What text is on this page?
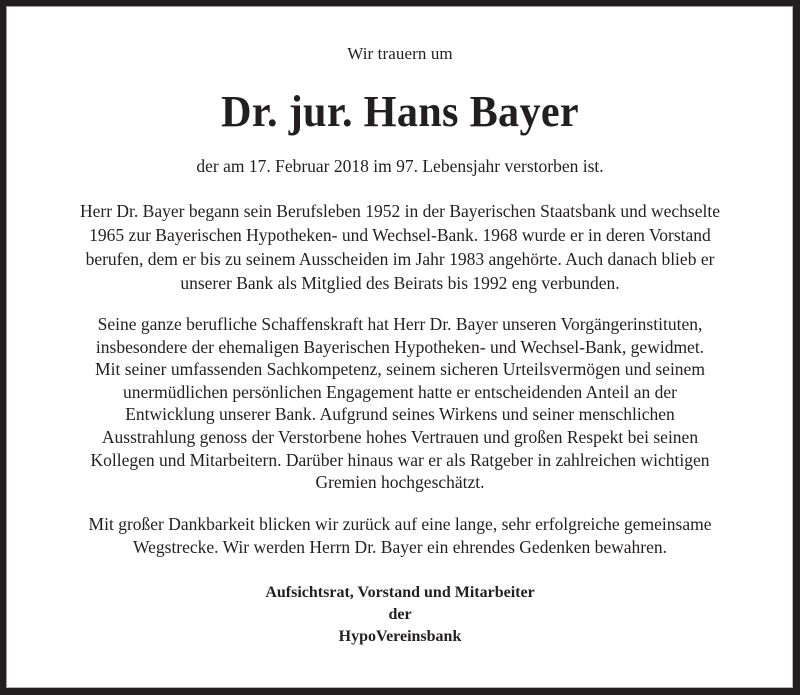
Wir trauern um
Dr. jur. Hans Bayer
der am 17. Februar 2018 im 97. Lebensjahr verstorben ist.
Herr Dr. Bayer begann sein Berufsleben 1952 in der Bayerischen Staatsbank und wechselte
1965 zur Bayerischen Hypotheken- und Wechsel-Bank. 1968 wurde er in deren Vorstand
berufen, dem er bis zu seinem Ausscheiden im Jahr 1983 angehörte. Auch danach blieb er
unserer Bank als Mitglied des Beirats bis 1992 eng verbunden.
Seine ganze berufliche Schaffenskraft hat Herr Dr. Bayer unseren Vorgängerinstituten,
insbesondere der ehemaligen Bayerischen Hypotheken- und Wechsel-Bank, gewidmet.
Mit seiner umfassenden Sachkompetenz, seinem sicheren Urteilsvermögen und seinem
unermüdlichen persönlichen Engagement hatte er entscheidenden Anteil an der
Entwicklung unserer Bank. Aufgrund seines Wirkens und seiner menschlichen
Ausstrahlung genoss der Verstorbene hohes Vertrauen und großen Respekt bei seinen
Kollegen und Mitarbeitern. Darüber hinaus war er als Ratgeber in zahlreichen wichtigen
Gremien hochgeschätzt.
Mit großer Dankbarkeit blicken wir zurück auf eine lange, sehr erfolgreiche gemeinsame
Wegstrecke. Wir werden Herrn Dr. Bayer ein ehrendes Gedenken bewahren.
Aufsichtsrat, Vorstand und Mitarbeiter
der
HypoVereinsbank
